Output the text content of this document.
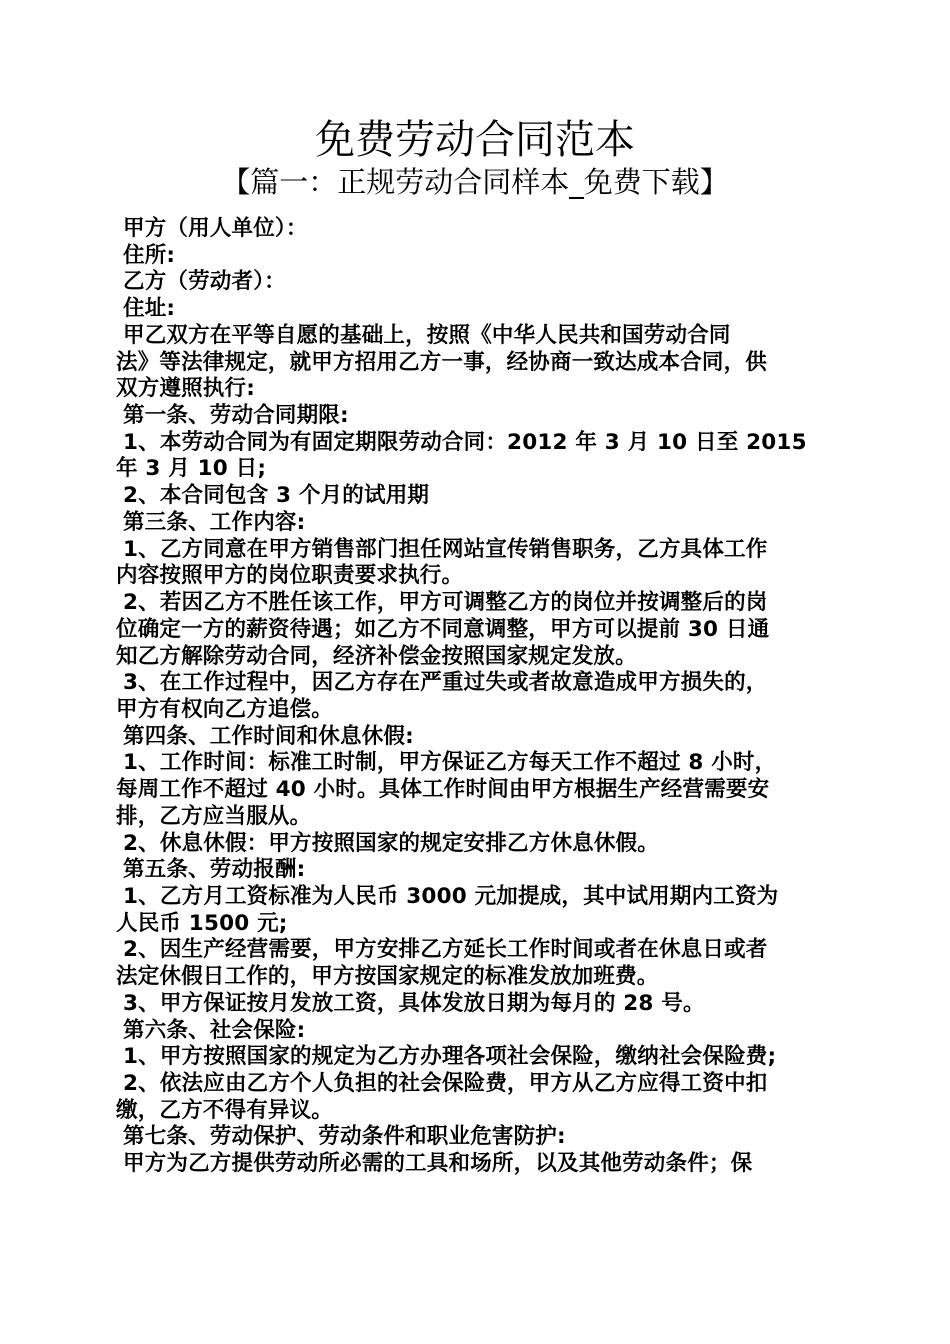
免费劳动合同范本
【篇一：正规劳动合同样本_免费下载】
甲方（用人单位）：
住所:
乙方（劳动者）：
住址:
甲乙双方在平等自愿的基础上，按照《中华人民共和国劳动合同
法》等法律规定，就甲方招用乙方一事，经协商一致达成本合同，供
双方遵照执行:
第一条、劳动合同期限:
1、本劳动合同为有固定期限劳动合同：2012 年 3 月 10 日至 2015
年 3 月 10 日;
2、本合同包含 3 个月的试用期
第三条、工作内容:
1、乙方同意在甲方销售部门担任网站宣传销售职务，乙方具体工作
内容按照甲方的岗位职责要求执行。
2、若因乙方不胜任该工作，甲方可调整乙方的岗位并按调整后的岗
位确定一方的薪资待遇；如乙方不同意调整，甲方可以提前 30 日通
知乙方解除劳动合同，经济补偿金按照国家规定发放。
3、在工作过程中，因乙方存在严重过失或者故意造成甲方损失的，
甲方有权向乙方追偿。
第四条、工作时间和休息休假:
1、工作时间：标准工时制，甲方保证乙方每天工作不超过 8 小时，
每周工作不超过 40 小时。具体工作时间由甲方根据生产经营需要安
排，乙方应当服从。
2、休息休假：甲方按照国家的规定安排乙方休息休假。
第五条、劳动报酬:
1、乙方月工资标准为人民币 3000 元加提成，其中试用期内工资为
人民币 1500 元;
2、因生产经营需要，甲方安排乙方延长工作时间或者在休息日或者
法定休假日工作的，甲方按国家规定的标准发放加班费。
3、甲方保证按月发放工资，具体发放日期为每月的 28 号。
第六条、社会保险:
1、甲方按照国家的规定为乙方办理各项社会保险，缴纳社会保险费;
2、依法应由乙方个人负担的社会保险费，甲方从乙方应得工资中扣
缴，乙方不得有异议。
第七条、劳动保护、劳动条件和职业危害防护:
甲方为乙方提供劳动所必需的工具和场所，以及其他劳动条件；保
